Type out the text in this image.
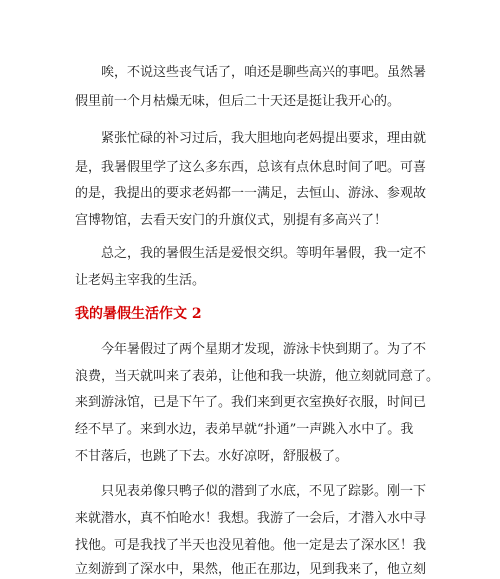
　　唉，不说这些丧气话了，咱还是聊些高兴的事吧。虽然暑
假里前一个月枯燥无味，但后二十天还是挺让我开心的。
　　紧张忙碌的补习过后，我大胆地向老妈提出要求，理由就
是，我暑假里学了这么多东西，总该有点休息时间了吧。可喜
的是，我提出的要求老妈都一一满足，去恒山、游泳、参观故
宫博物馆，去看天安门的升旗仪式，别提有多高兴了！
　　总之，我的暑假生活是爱恨交织。等明年暑假，我一定不
让老妈主宰我的生活。
我的暑假生活作文 2
　　今年暑假过了两个星期才发现，游泳卡快到期了。为了不
浪费，当天就叫来了表弟，让他和我一块游，他立刻就同意了。
来到游泳馆，已是下午了。我们来到更衣室换好衣服，时间已
经不早了。来到水边，表弟早就“扑通”一声跳入水中了。我
不甘落后，也跳了下去。水好凉呀，舒服极了。
　　只见表弟像只鸭子似的潜到了水底，不见了踪影。刚一下
来就潜水，真不怕呛水！我想。我游了一会后，才潜入水中寻
找他。可是我找了半天也没见着他。他一定是去了深水区！我
立刻游到了深水中，果然，他正在那边，见到我来了，他立刻
